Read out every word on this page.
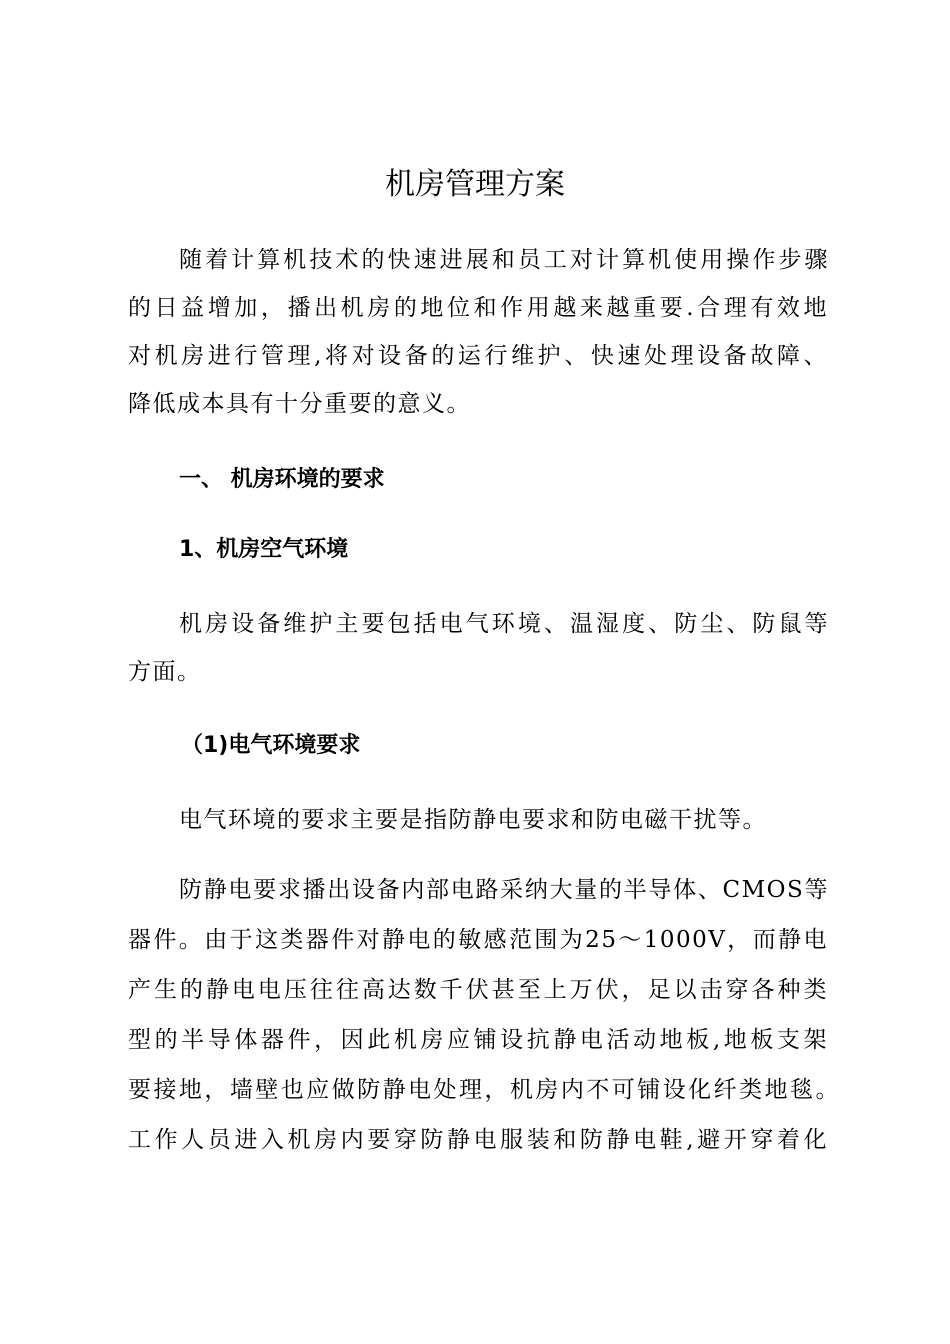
机房管理方案

随着计算机技术的快速进展和员工对计算机使用操作步骤

的日益增加，播出机房的地位和作用越来越重要.合理有效地

对机房进行管理,将对设备的运行维护、快速处理设备故障、

降低成本具有十分重要的意义。

一、 机房环境的要求
1、机房空气环境

机房设备维护主要包括电气环境、温湿度、防尘、防鼠等

方面。

（1)电气环境要求

电气环境的要求主要是指防静电要求和防电磁干扰等。

防静电要求播出设备内部电路采纳大量的半导体、CMOS等

器件。由于这类器件对静电的敏感范围为25～1000V，而静电

产生的静电电压往往高达数千伏甚至上万伏，足以击穿各种类

型的半导体器件，因此机房应铺设抗静电活动地板,地板支架

要接地，墙壁也应做防静电处理，机房内不可铺设化纤类地毯。

工作人员进入机房内要穿防静电服装和防静电鞋,避开穿着化
